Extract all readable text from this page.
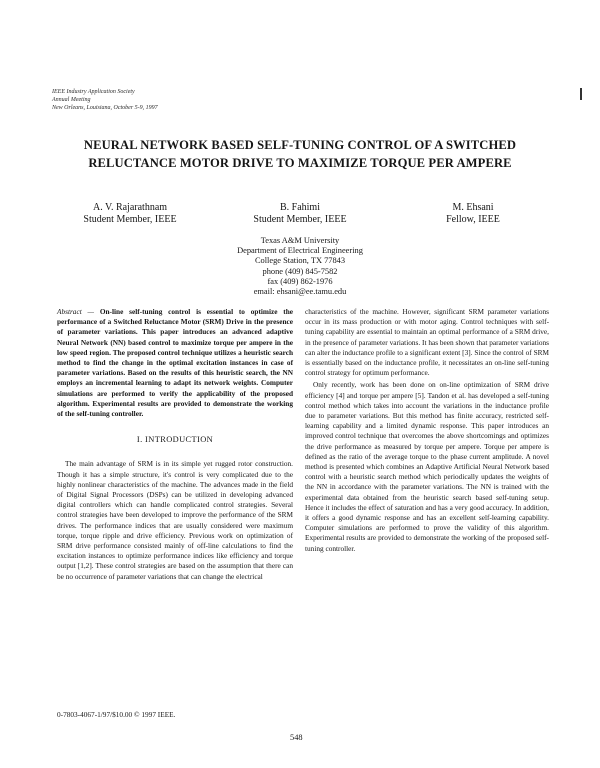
IEEE Industry Application Society
Annual Meeting
New Orleans, Louisiana, October 5-9, 1997
NEURAL NETWORK BASED SELF-TUNING CONTROL OF A SWITCHED
RELUCTANCE MOTOR DRIVE TO MAXIMIZE TORQUE PER AMPERE
A. V. Rajarathnam
Student Member, IEEE
B. Fahimi
Student Member, IEEE
M. Ehsani
Fellow, IEEE
Texas A&M University
Department of Electrical Engineering
College Station, TX 77843
phone (409) 845-7582
fax (409) 862-1976
email: ehsani@ee.tamu.edu

Abstract — On-line self-tuning control is essential to optimize the performance of a Switched Reluctance Motor (SRM) Drive in the presence of parameter variations. This paper introduces an advanced adaptive Neural Network (NN) based control to maximize torque per ampere in the low speed region. The proposed control technique utilizes a heuristic search method to find the change in the optimal excitation instances in case of parameter variations. Based on the results of this heuristic search, the NN employs an incremental learning to adapt its network weights. Computer simulations are performed to verify the applicability of the proposed algorithm. Experimental results are provided to demonstrate the working of the self-tuning controller.

I. INTRODUCTION

The main advantage of SRM is in its simple yet rugged rotor construction. Though it has a simple structure, it's control is very complicated due to the highly nonlinear characteristics of the machine. The advances made in the field of Digital Signal Processors (DSPs) can be utilized in developing advanced digital controllers which can handle complicated control strategies. Several control strategies have been developed to improve the performance of the SRM drives. The performance indices that are usually considered were maximum torque, torque ripple and drive efficiency. Previous work on optimization of SRM drive performance consisted mainly of off-line calculations to find the excitation instances to optimize performance indices like efficiency and torque output [1,2]. These control strategies are based on the assumption that there can be no occurrence of parameter variations that can change the electrical

characteristics of the machine. However, significant SRM parameter variations occur in its mass production or with motor aging. Control techniques with self-tuning capability are essential to maintain an optimal performance of a SRM drive, in the presence of parameter variations. It has been shown that parameter variations can alter the inductance profile to a significant extent [3]. Since the control of SRM is essentially based on the inductance profile, it necessitates an on-line self-tuning control strategy for optimum performance.

Only recently, work has been done on on-line optimization of SRM drive efficiency [4] and torque per ampere [5]. Tandon et al. has developed a self-tuning control method which takes into account the variations in the inductance profile due to parameter variations. But this method has finite accuracy, restricted self-learning capability and a limited dynamic response. This paper introduces an improved control technique that overcomes the above shortcomings and optimizes the drive performance as measured by torque per ampere. Torque per ampere is defined as the ratio of the average torque to the phase current amplitude. A novel method is presented which combines an Adaptive Artificial Neural Network based control with a heuristic search method which periodically updates the weights of the NN in accordance with the parameter variations. The NN is trained with the experimental data obtained from the heuristic search based self-tuning setup. Hence it includes the effect of saturation and has a very good accuracy. In addition, it offers a good dynamic response and has an excellent self-learning capability. Computer simulations are performed to prove the validity of this algorithm. Experimental results are provided to demonstrate the working of the proposed self-tuning controller.

0-7803-4067-1/97/$10.00 © 1997 IEEE.
548
